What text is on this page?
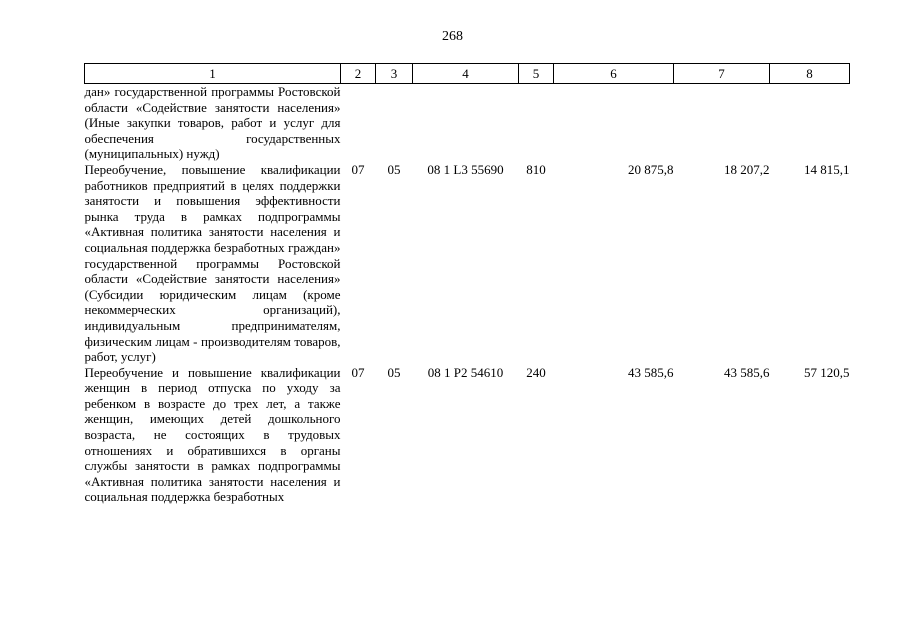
268
1	2	3	4	5	6	7	8
дан» государственной программы Ростовской области «Содействие занятости населения» (Иные закупки товаров, работ и услуг для обеспечения государственных (муниципальных) нужд)							
Переобучение, повышение квалификации работников предприятий в целях поддержки занятости и повышения эффективности рынка труда в рамках подпрограммы «Активная политика занятости населения и социальная поддержка безработных граждан» государственной программы Ростовской области «Содействие занятости населения» (Субсидии юридическим лицам (кроме некоммерческих организаций), индивидуальным предпринимателям, физическим лицам - производителям товаров, работ, услуг)	07	05	08 1 L3 55690	810	20 875,8	18 207,2	14 815,1
Переобучение и повышение квалификации женщин в период отпуска по уходу за ребенком в возрасте до трех лет, а также женщин, имеющих детей дошкольного возраста, не состоящих в трудовых отношениях и обратившихся в органы службы занятости в рамках подпрограммы «Активная политика занятости населения и социальная поддержка безработных	07	05	08 1 P2 54610	240	43 585,6	43 585,6	57 120,5
